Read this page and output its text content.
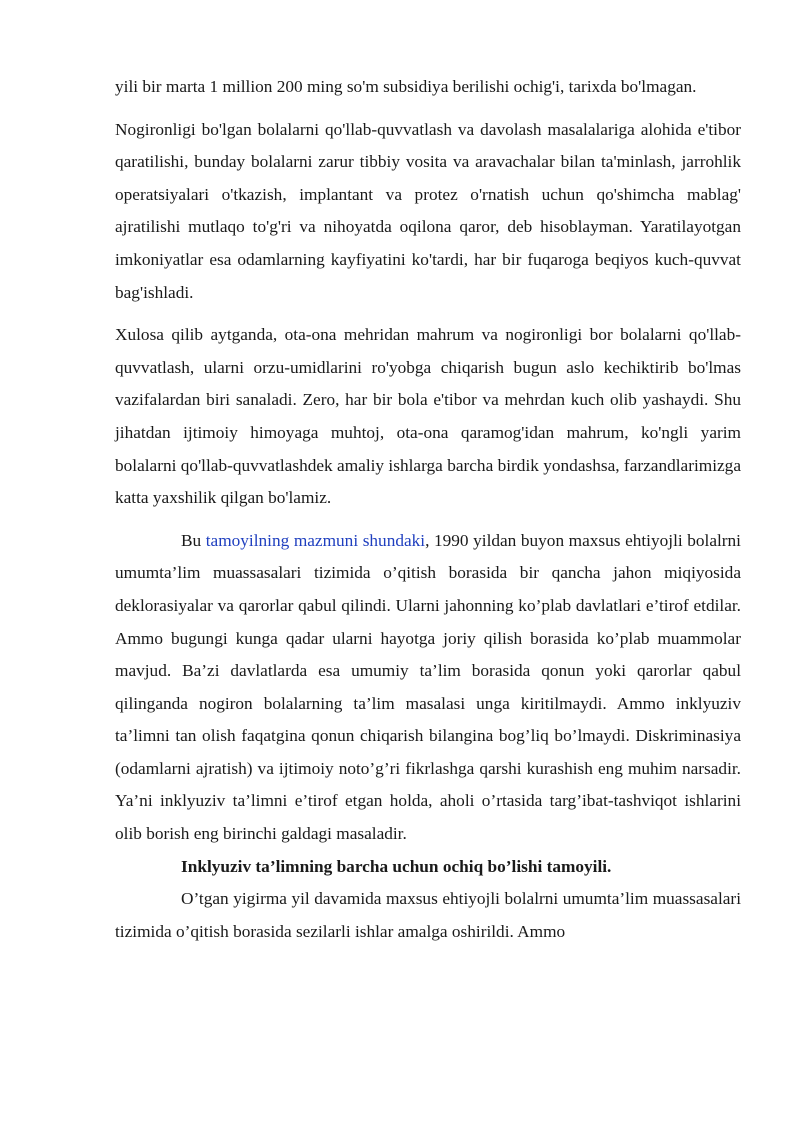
yili bir marta 1 million 200 ming so'm subsidiya berilishi ochig'i, tarixda bo'lmagan.

Nogironligi bo'lgan bolalarni qo'llab-quvvatlash va davolash masalalariga alohida e'tibor qaratilishi, bunday bolalarni zarur tibbiy vosita va aravachalar bilan ta'minlash, jarrohlik operatsiyalari o'tkazish, implantant va protez o'rnatish uchun qo'shimcha mablag' ajratilishi mutlaqo to'g'ri va nihoyatda oqilona qaror, deb hisoblayman. Yaratilayotgan imkoniyatlar esa odamlarning kayfiyatini ko'tardi, har bir fuqaroga beqiyos kuch-quvvat bag'ishladi.

Xulosa qilib aytganda, ota-ona mehridan mahrum va nogironligi bor bolalarni qo'llab-quvvatlash, ularni orzu-umidlarini ro'yobga chiqarish bugun aslo kechiktirib bo'lmas vazifalardan biri sanaladi. Zero, har bir bola e'tibor va mehrdan kuch olib yashaydi. Shu jihatdan ijtimoiy himoyaga muhtoj, ota-ona qaramog'idan mahrum, ko'ngli yarim bolalarni qo'llab-quvvatlashdek amaliy ishlarga barcha birdik yondashsa, farzandlarimizga katta yaxshilik qilgan bo'lamiz.

Bu tamoyilning mazmuni shundaki, 1990 yildan buyon maxsus ehtiyojli bolalrni umumta’lim muassasalari tizimida o’qitish borasida bir qancha jahon miqiyosida deklorasiyalar va qarorlar qabul qilindi. Ularni jahonning ko’plab davlatlari e’tirof etdilar. Ammo bugungi kunga qadar ularni hayotga joriy qilish borasida ko’plab muammolar mavjud. Ba’zi davlatlarda esa umumiy ta’lim borasida qonun yoki qarorlar qabul qilinganda nogiron bolalarning ta’lim masalasi unga kiritilmaydi. Ammo inklyuziv ta’limni tan olish faqatgina qonun chiqarish bilangina bog’liq bo’lmaydi. Diskriminasiya (odamlarni ajratish) va ijtimoiy noto’g’ri fikrlashga qarshi kurashish eng muhim narsadir. Ya’ni inklyuziv ta’limni e’tirof etgan holda, aholi o’rtasida targ’ibat-tashviqot ishlarini olib borish eng birinchi galdagi masaladir.

Inklyuziv ta’limning barcha uchun ochiq bo’lishi tamoyili.

O’tgan yigirma yil davamida maxsus ehtiyojli bolalrni umumta’lim muassasalari tizimida o’qitish borasida sezilarli ishlar amalga oshirildi. Ammo
